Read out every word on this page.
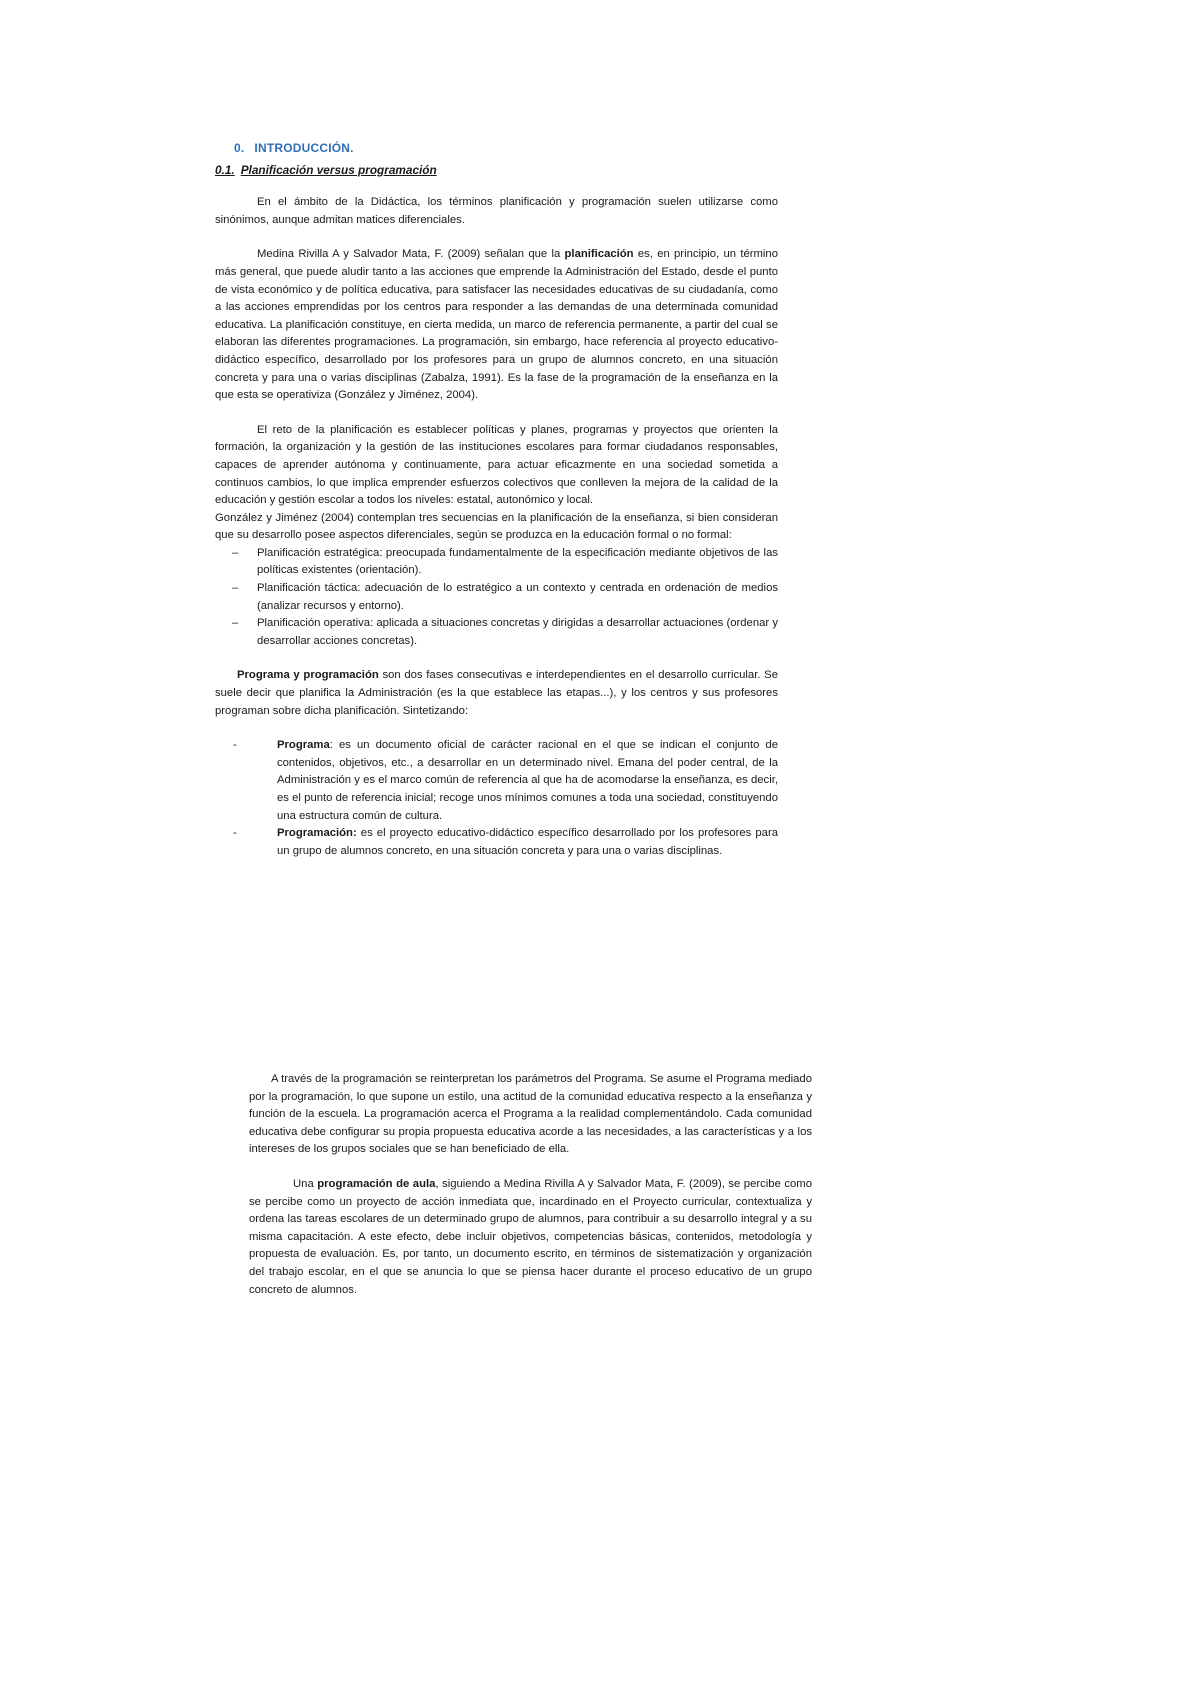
0. INTRODUCCIÓN.
0.1. Planificación versus programación

En el ámbito de la Didáctica, los términos planificación y programación suelen utilizarse como sinónimos, aunque admitan matices diferenciales.

Medina Rivilla A y Salvador Mata, F. (2009) señalan que la planificación es, en principio, un término más general, que puede aludir tanto a las acciones que emprende la Administración del Estado, desde el punto de vista económico y de política educativa, para satisfacer las necesidades educativas de su ciudadanía, como a las acciones emprendidas por los centros para responder a las demandas de una determinada comunidad educativa. La planificación constituye, en cierta medida, un marco de referencia permanente, a partir del cual se elaboran las diferentes programaciones. La programación, sin embargo, hace referencia al proyecto educativo-didáctico específico, desarrollado por los profesores para un grupo de alumnos concreto, en una situación concreta y para una o varias disciplinas (Zabalza, 1991). Es la fase de la programación de la enseñanza en la que esta se operativiza (González y Jiménez, 2004).

El reto de la planificación es establecer políticas y planes, programas y proyectos que orienten la formación, la organización y la gestión de las instituciones escolares para formar ciudadanos responsables, capaces de aprender autónoma y continuamente, para actuar eficazmente en una sociedad sometida a continuos cambios, lo que implica emprender esfuerzos colectivos que conlleven la mejora de la calidad de la educación y gestión escolar a todos los niveles: estatal, autonómico y local.

González y Jiménez (2004) contemplan tres secuencias en la planificación de la enseñanza, si bien consideran que su desarrollo posee aspectos diferenciales, según se produzca en la educación formal o no formal:

– Planificación estratégica: preocupada fundamentalmente de la especificación mediante objetivos de las políticas existentes (orientación).
– Planificación táctica: adecuación de lo estratégico a un contexto y centrada en ordenación de medios (analizar recursos y entorno).
– Planificación operativa: aplicada a situaciones concretas y dirigidas a desarrollar actuaciones (ordenar y desarrollar acciones concretas).

Programa y programación son dos fases consecutivas e interdependientes en el desarrollo curricular. Se suele decir que planifica la Administración (es la que establece las etapas...), y los centros y sus profesores programan sobre dicha planificación. Sintetizando:

-	Programa: es un documento oficial de carácter racional en el que se indican el conjunto de contenidos, objetivos, etc., a desarrollar en un determinado nivel. Emana del poder central, de la Administración y es el marco común de referencia al que ha de acomodarse la enseñanza, es decir, es el punto de referencia inicial; recoge unos mínimos comunes a toda una sociedad, constituyendo una estructura común de cultura.
-	Programación: es el proyecto educativo-didáctico específico desarrollado por los profesores para un grupo de alumnos concreto, en una situación concreta y para una o varias disciplinas.

A través de la programación se reinterpretan los parámetros del Programa. Se asume el Programa mediado por la programación, lo que supone un estilo, una actitud de la comunidad educativa respecto a la enseñanza y función de la escuela. La programación acerca el Programa a la realidad complementándolo. Cada comunidad educativa debe configurar su propia propuesta educativa acorde a las necesidades, a las características y a los intereses de los grupos sociales que se han beneficiado de ella.

Una programación de aula, siguiendo a Medina Rivilla A y Salvador Mata, F. (2009), se percibe como se percibe como un proyecto de acción inmediata que, incardinado en el Proyecto curricular, contextualiza y ordena las tareas escolares de un determinado grupo de alumnos, para contribuir a su desarrollo integral y a su misma capacitación. A este efecto, debe incluir objetivos, competencias básicas, contenidos, metodología y propuesta de evaluación. Es, por tanto, un documento escrito, en términos de sistematización y organización del trabajo escolar, en el que se anuncia lo que se piensa hacer durante el proceso educativo de un grupo concreto de alumnos.
